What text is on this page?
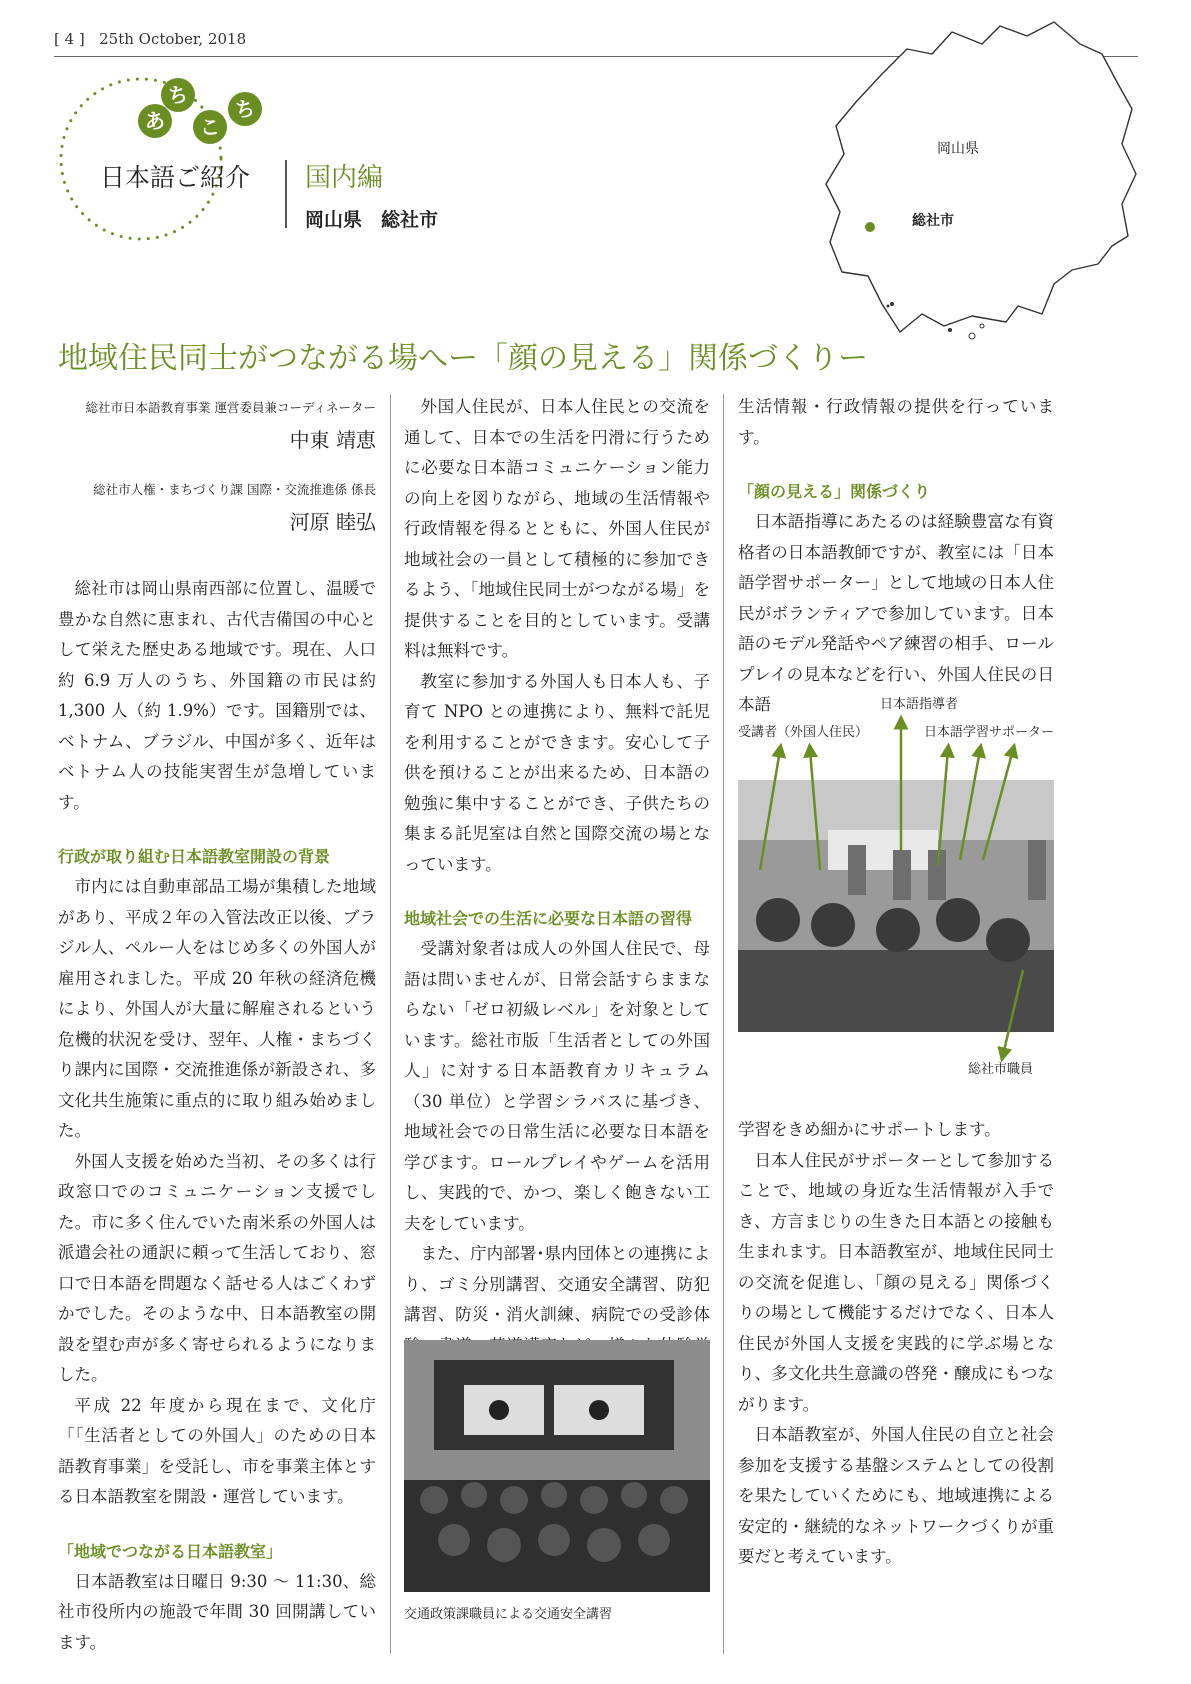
[ 4 ] 25th October, 2018
あ
ち
こ
ち
日本語ご紹介 国内編
岡山県　総社市
岡山県
総社市
地域住民同士がつながる場へー「顔の見える」関係づくりー
総社市日本語教育事業 運営委員兼コーディネーター
中東 靖恵
総社市人権・まちづくり課 国際・交流推進係 係長
河原 睦弘

総社市は岡山県南西部に位置し、温暖で豊かな自然に恵まれ、古代吉備国の中心として栄えた歴史ある地域です。現在、人口約 6.9 万人のうち、外国籍の市民は約 1,300 人（約 1.9%）です。国籍別では、ベトナム、ブラジル、中国が多く、近年はベトナム人の技能実習生が急増しています。

行政が取り組む日本語教室開設の背景

市内には自動車部品工場が集積した地域があり、平成２年の入管法改正以後、ブラジル人、ペルー人をはじめ多くの外国人が雇用されました。平成 20 年秋の経済危機により、外国人が大量に解雇されるという危機的状況を受け、翌年、人権・まちづくり課内に国際・交流推進係が新設され、多文化共生施策に重点的に取り組み始めました。

外国人支援を始めた当初、その多くは行政窓口でのコミュニケーション支援でした。市に多く住んでいた南米系の外国人は派遣会社の通訳に頼って生活しており、窓口で日本語を問題なく話せる人はごくわずかでした。そのような中、日本語教室の開設を望む声が多く寄せられるようになりました。

平成 22 年度から現在まで、文化庁「「生活者としての外国人」のための日本語教育事業」を受託し、市を事業主体とする日本語教室を開設・運営しています。

「地域でつながる日本語教室」

日本語教室は日曜日 9:30 〜 11:30、総社市役所内の施設で年間 30 回開講しています。

外国人住民が、日本人住民との交流を通して、日本での生活を円滑に行うために必要な日本語コミュニケーション能力の向上を図りながら、地域の生活情報や行政情報を得るとともに、外国人住民が地域社会の一員として積極的に参加できるよう、「地域住民同士がつながる場」を提供することを目的としています。受講料は無料です。

教室に参加する外国人も日本人も、子育て NPO との連携により、無料で託児を利用することができます。安心して子供を預けることが出来るため、日本語の勉強に集中することができ、子供たちの集まる託児室は自然と国際交流の場となっています。

地域社会での生活に必要な日本語の習得

受講対象者は成人の外国人住民で、母語は問いませんが、日常会話すらままならない「ゼロ初級レベル」を対象としています。総社市版「生活者としての外国人」に対する日本語教育カリキュラム（30 単位）と学習シラバスに基づき、地域社会での日常生活に必要な日本語を学びます。ロールプレイやゲームを活用し、実践的で、かつ、楽しく飽きない工夫をしています。

また、庁内部署･県内団体との連携により、ゴミ分別講習、交通安全講習、防犯講習、防災・消火訓練、病院での受診体

交通政策課職員による交通安全講習

生活情報・行政情報の提供を行っています。

「顔の見える」関係づくり

日本語指導にあたるのは経験豊富な有資格者の日本語教師ですが、教室には「日本語学習サポーター」として地域の日本人住民がボランティアで参加しています。日本語のモデル発話やペア練習の相手、ロールプレイの見本などを行い、外国人住民の日本語	日本語指導者
受講者（外国人住民）	日本語学習サポーター
総社市職員

学習をきめ細かにサポートします。

日本人住民がサポーターとして参加することで、地域の身近な生活情報が入手でき、方言まじりの生きた日本語との接触も生まれます。日本語教室が、地域住民同士の交流を促進し、「顔の見える」関係づくりの場として機能するだけでなく、日本人住民が外国人支援を実践的に学ぶ場となり、多文化共生意識の啓発・醸成にもつながります。

日本語教室が、外国人住民の自立と社会参加を支援する基盤システムとしての役割を果たしていくためにも、地域連携による安定的・継続的なネットワークづくりが重要だと考えています。
